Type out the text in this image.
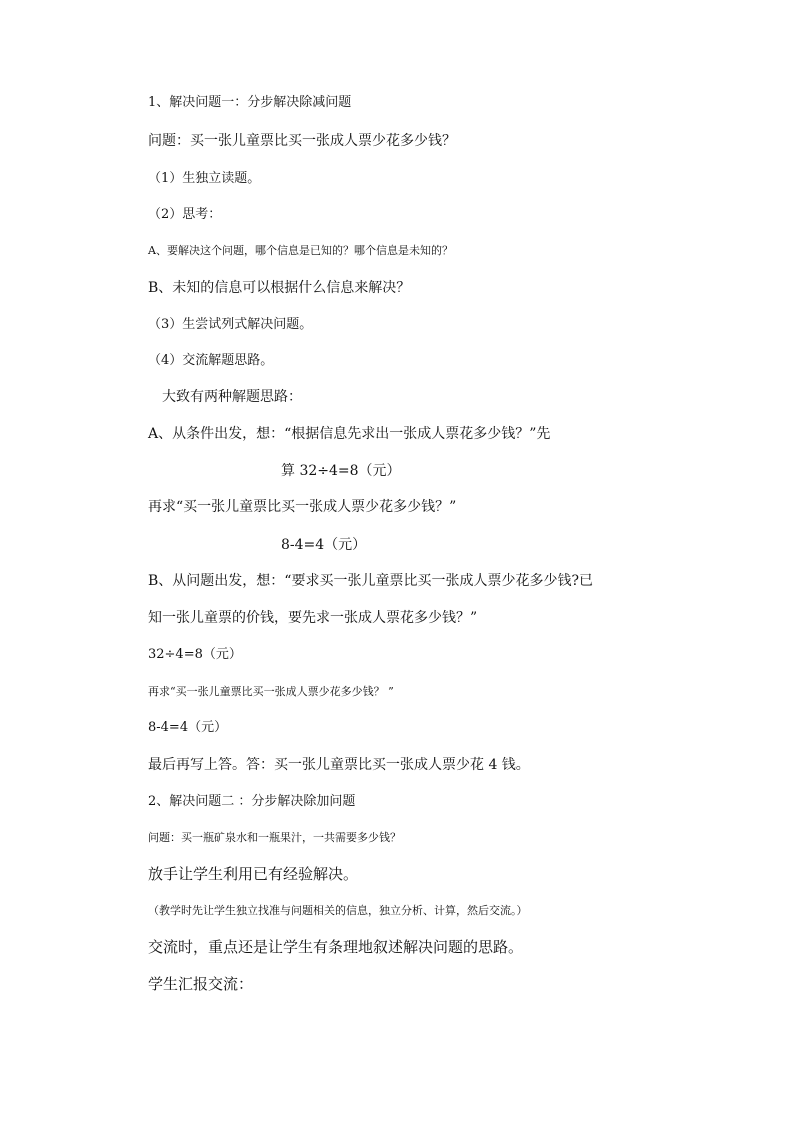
1、解决问题一：分步解决除减问题
问题：买一张儿童票比买一张成人票少花多少钱？
（1）生独立读题。
（2）思考：
A、要解决这个问题，哪个信息是已知的？哪个信息是未知的？
B、未知的信息可以根据什么信息来解决？
（3）生尝试列式解决问题。
（4）交流解题思路。
大致有两种解题思路：
A、从条件出发，想：“根据信息先求出一张成人票花多少钱？”先
算 32÷4=8（元）
再求“买一张儿童票比买一张成人票少花多少钱？”
8-4=4（元）
B、从问题出发，想：“要求买一张儿童票比买一张成人票少花多少钱?已
知一张儿童票的价钱，要先求一张成人票花多少钱？”
32÷4=8（元）
再求“买一张儿童票比买一张成人票少花多少钱？ ”
8-4=4（元）
最后再写上答。答：买一张儿童票比买一张成人票少花 4 钱。
2、解决问题二 ：分步解决除加问题
问题：买一瓶矿泉水和一瓶果汁，一共需要多少钱？
放手让学生利用已有经验解决。
（教学时先让学生独立找准与问题相关的信息，独立分析、计算，然后交流。）
交流时，重点还是让学生有条理地叙述解决问题的思路。
学生汇报交流：
